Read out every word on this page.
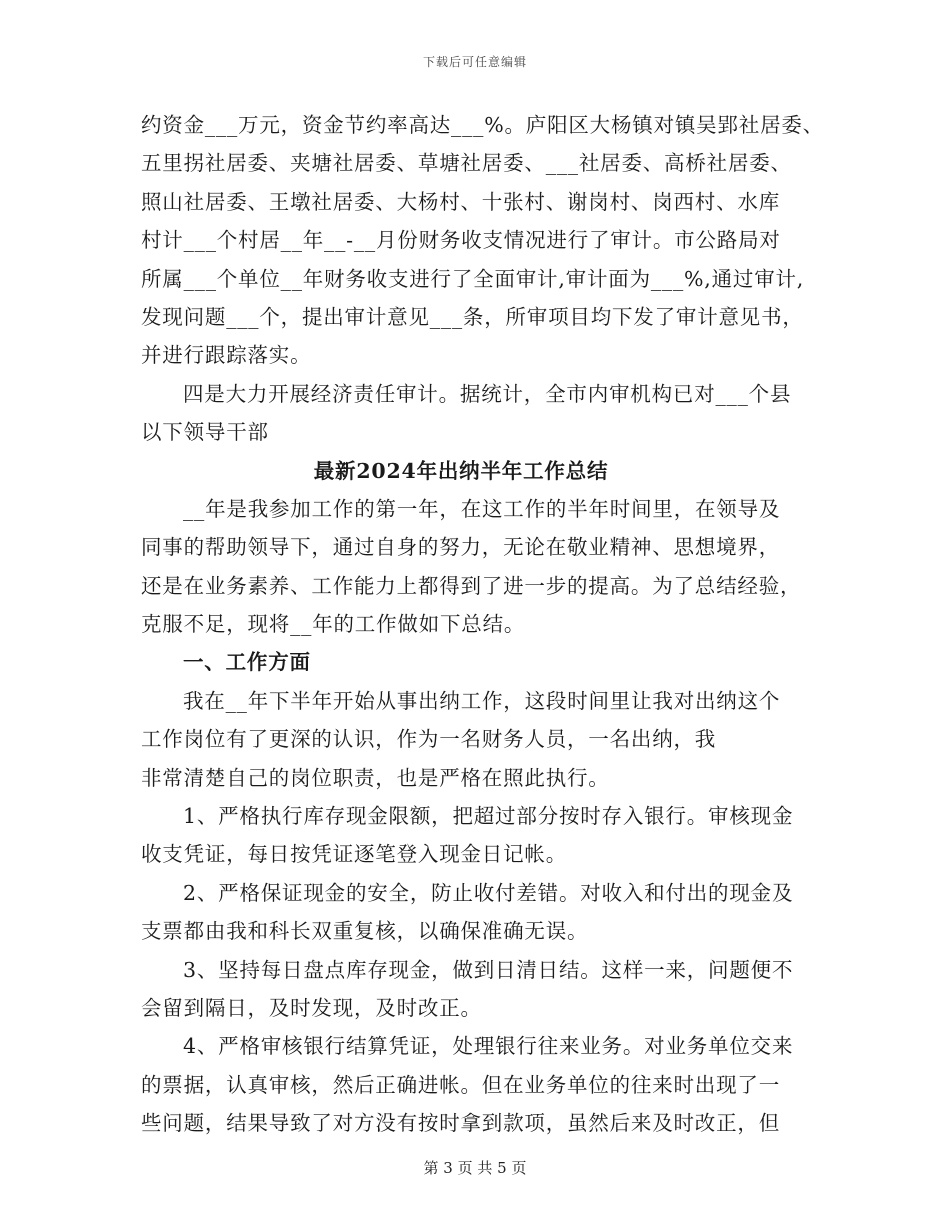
下载后可任意编辑
约资金___万元，资金节约率高达___%。庐阳区大杨镇对镇吴郢社居委、
五里拐社居委、夹塘社居委、草塘社居委、___社居委、高桥社居委、
照山社居委、王墩社居委、大杨村、十张村、谢岗村、岗西村、水库
村计___个村居__年__-__月份财务收支情况进行了审计。市公路局对
所属___个单位__年财务收支进行了全面审计,审计面为___%,通过审计,
发现问题___个，提出审计意见___条，所审项目均下发了审计意见书，
并进行跟踪落实。
四是大力开展经济责任审计。据统计，全市内审机构已对___个县
以下领导干部
最新2024年出纳半年工作总结
__年是我参加工作的第一年，在这工作的半年时间里，在领导及
同事的帮助领导下，通过自身的努力，无论在敬业精神、思想境界，
还是在业务素养、工作能力上都得到了进一步的提高。为了总结经验，
克服不足，现将__年的工作做如下总结。
一、工作方面
我在__年下半年开始从事出纳工作，这段时间里让我对出纳这个
工作岗位有了更深的认识，作为一名财务人员，一名出纳，我
非常清楚自己的岗位职责，也是严格在照此执行。
1、严格执行库存现金限额，把超过部分按时存入银行。审核现金
收支凭证，每日按凭证逐笔登入现金日记帐。
2、严格保证现金的安全，防止收付差错。对收入和付出的现金及
支票都由我和科长双重复核，以确保准确无误。
3、坚持每日盘点库存现金，做到日清日结。这样一来，问题便不
会留到隔日，及时发现，及时改正。
4、严格审核银行结算凭证，处理银行往来业务。对业务单位交来
的票据，认真审核，然后正确进帐。但在业务单位的往来时出现了一
些问题，结果导致了对方没有按时拿到款项，虽然后来及时改正，但
第 3 页 共 5 页
